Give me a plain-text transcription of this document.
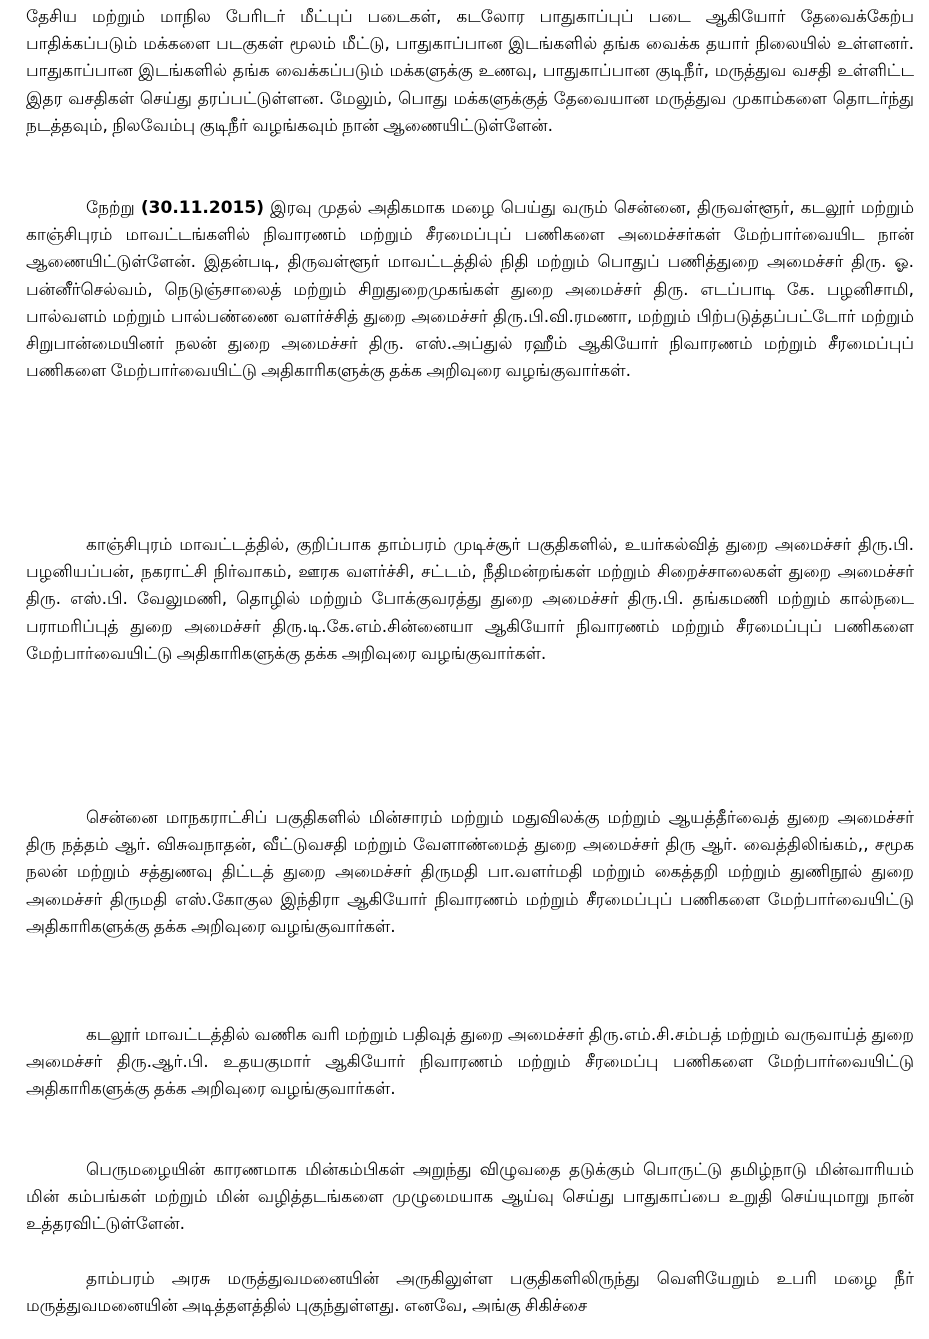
தேசிய மற்றும் மாநில பேரிடர் மீட்புப் படைகள், கடலோர பாதுகாப்புப் படை ஆகியோர் தேவைக்கேற்ப பாதிக்கப்படும் மக்களை படகுகள் மூலம் மீட்டு, பாதுகாப்பான இடங்களில் தங்க வைக்க தயார் நிலையில் உள்ளனர். பாதுகாப்பான இடங்களில் தங்க வைக்கப்படும் மக்களுக்கு உணவு, பாதுகாப்பான குடிநீர், மருத்துவ வசதி உள்ளிட்ட இதர வசதிகள் செய்து தரப்பட்டுள்ளன. மேலும், பொது மக்களுக்குத் தேவையான மருத்துவ முகாம்களை தொடர்ந்து நடத்தவும், நிலவேம்பு குடிநீர் வழங்கவும் நான் ஆணையிட்டுள்ளேன்.

நேற்று (30.11.2015) இரவு முதல் அதிகமாக மழை பெய்து வரும் சென்னை, திருவள்ளூர், கடலூர் மற்றும் காஞ்சிபுரம் மாவட்டங்களில் நிவாரணம் மற்றும் சீரமைப்புப் பணிகளை அமைச்சர்கள் மேற்பார்வையிட நான் ஆணையிட்டுள்ளேன். இதன்படி, திருவள்ளூர் மாவட்டத்தில் நிதி மற்றும் பொதுப் பணித்துறை அமைச்சர் திரு. ஓ. பன்னீர்செல்வம், நெடுஞ்சாலைத் மற்றும் சிறுதுறைமுகங்கள் துறை அமைச்சர் திரு. எடப்பாடி கே. பழனிசாமி, பால்வளம் மற்றும் பால்பண்ணை வளர்ச்சித் துறை அமைச்சர் திரு.பி.வி.ரமணா, மற்றும் பிற்படுத்தப்பட்டோர் மற்றும் சிறுபான்மையினர் நலன் துறை அமைச்சர் திரு. எஸ்.அப்துல் ரஹீம் ஆகியோர் நிவாரணம் மற்றும் சீரமைப்புப் பணிகளை மேற்பார்வையிட்டு அதிகாரிகளுக்கு தக்க அறிவுரை வழங்குவார்கள்.

காஞ்சிபுரம் மாவட்டத்தில், குறிப்பாக தாம்பரம் முடிச்சூர் பகுதிகளில், உயர்கல்வித் துறை அமைச்சர் திரு.பி. பழனியப்பன், நகராட்சி நிர்வாகம், ஊரக வளர்ச்சி, சட்டம், நீதிமன்றங்கள் மற்றும் சிறைச்சாலைகள் துறை அமைச்சர் திரு. எஸ்.பி. வேலுமணி, தொழில் மற்றும் போக்குவரத்து துறை அமைச்சர் திரு.பி. தங்கமணி மற்றும் கால்நடை பராமரிப்புத் துறை அமைச்சர் திரு.டி.கே.எம்.சின்னையா ஆகியோர் நிவாரணம் மற்றும் சீரமைப்புப் பணிகளை மேற்பார்வையிட்டு அதிகாரிகளுக்கு தக்க அறிவுரை வழங்குவார்கள்.

சென்னை மாநகராட்சிப் பகுதிகளில் மின்சாரம் மற்றும் மதுவிலக்கு மற்றும் ஆயத்தீர்வைத் துறை அமைச்சர் திரு நத்தம் ஆர். விசுவநாதன், வீட்டுவசதி மற்றும் வேளாண்மைத் துறை அமைச்சர் திரு ஆர். வைத்திலிங்கம்,, சமூக நலன் மற்றும் சத்துணவு திட்டத் துறை அமைச்சர் திருமதி பா.வளர்மதி மற்றும் கைத்தறி மற்றும் துணிநூல் துறை அமைச்சர் திருமதி எஸ்.கோகுல இந்திரா ஆகியோர் நிவாரணம் மற்றும் சீரமைப்புப் பணிகளை மேற்பார்வையிட்டு அதிகாரிகளுக்கு தக்க அறிவுரை வழங்குவார்கள்.

கடலூர் மாவட்டத்தில் வணிக வரி மற்றும் பதிவுத் துறை அமைச்சர் திரு.எம்.சி.சம்பத் மற்றும் வருவாய்த் துறை அமைச்சர் திரு.ஆர்.பி. உதயகுமார் ஆகியோர் நிவாரணம் மற்றும் சீரமைப்பு பணிகளை மேற்பார்வையிட்டு அதிகாரிகளுக்கு தக்க அறிவுரை வழங்குவார்கள்.

பெருமழையின் காரணமாக மின்கம்பிகள் அறுந்து விழுவதை தடுக்கும் பொருட்டு தமிழ்நாடு மின்வாரியம் மின் கம்பங்கள் மற்றும் மின் வழித்தடங்களை முழுமையாக ஆய்வு செய்து பாதுகாப்பை உறுதி செய்யுமாறு நான் உத்தரவிட்டுள்ளேன்.

தாம்பரம் அரசு மருத்துவமனையின் அருகிலுள்ள பகுதிகளிலிருந்து வெளியேறும் உபரி மழை நீர் மருத்துவமனையின் அடித்தளத்தில் புகுந்துள்ளது. எனவே, அங்கு சிகிச்சை
